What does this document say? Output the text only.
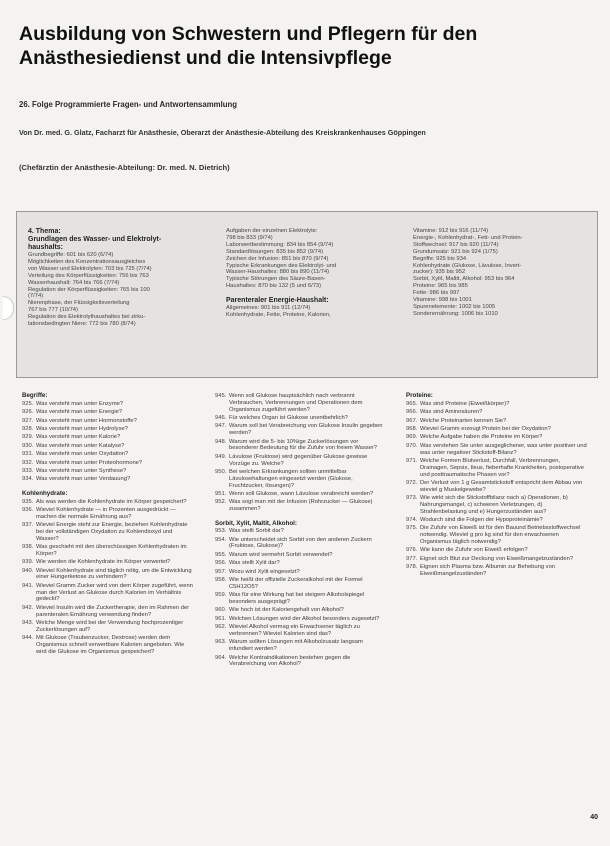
Ausbildung von Schwestern und Pflegern für den
Anästhesiedienst und die Intensivpflege
26. Folge Programmierte Fragen- und Antwortensammlung
Von Dr. med. G. Glatz, Facharzt für Anästhesie, Oberarzt der Anästhesie-Abteilung des Kreiskrankenhauses Göppingen
(Chefärztin der Anästhesie-Abteilung: Dr. med. N. Dietrich)
4. Thema:
Grundlagen des Wasser- und Elektrolyt-
haushalts:
Grundbegriffe: 601 bis 620 (6/74)
Möglichkeiten des Konzentrationsausgleiches
von Wasser und Elektrolyten: 703 bis 725 (7/74)
Verteilung des Körperflüssigkeiten: 756 bis 763
Wasserhaushalt: 764 bis 766 (7/74)
Regulation der Körperflüssigkeiten: 765 bis 100
(7/74)
Nierenphase, der Flüssigkeitsverteilung
767 bis 777 (10/74)
Regulation des Elektrolythaushaltes bei zirku-
lationsbedingten Niere: 772 bis 780 (8/74)
Aufgaben der einzelnen Elektrolyte:
798 bis 833 (9/74)
Laborwertbestimmung: 834 bis 854 (9/74)
Standardlösungen: 835 bis 852 (9/74)
Zeichen der Infusion: 851 bis 870 (9/74)
Typische Erkrankungen des Elektrolyt- und
Wasser-Haushaltes: 880 bis 890 (11/74)
Typische Störungen des Säure-Basen-
Haushaltes: 870 bis 132 (5 und 6/73)
Parenteraler Energie-Haushalt:
Allgemeines: 901 bis 911 (12/74)
Kohlenhydrate, Fette, Proteine, Kalorien,
Vitamine: 912 bis 916 (11/74)
Energie-, Kohlenhydrat-, Fett- und Protein-
Stoffwechsel: 917 bis 920 (11/74)
Grundumsatz: 921 bis 924 (1/75)
Begriffe: 925 bis 934
Kohlenhydrate (Glukose, Lävulose, Invert-
zucker): 935 bis 952
Sorbit, Xylit, Maltit, Alkohol: 953 bis 964
Proteine: 965 bis 985
Fette: 986 bis 997
Vitamine: 998 bis 1001
Spurenelemente: 1002 bis 1005
Sonderernährung: 1006 bis 1010
Begriffe:
925. Was versteht man unter Enzyme?
926. Was versteht man unter Energie?
927. Was versteht man unter Hormonstoffe?
928. Was versteht man unter Hydrolyse?
929. Was versteht man unter Kalorie?
930. Was versteht man unter Katalyse?
931. Was versteht man unter Oxydation?
932. Was versteht man unter Proteohormone?
933. Was versteht man unter Synthese?
934. Was versteht man unter Verdauung?
Kohlenhydrate:
935. Als was werden die Kohlenhydrate im Körper gespeichert?
936. Wieviel Kohlenhydrate — in Prozenten ausgedrückt — machen die normale Ernährung aus?
937. Wieviel Energie steht zur Energie, beziehen Kohlenhydrate bei der vollständigen Oxydation zu Kohlendioxyd und Wasser?
938. Was geschieht mit den überschüssigen Kohlenhydraten im Körper?
939. Wie werden die Kohlenhydrate im Körper verwertet?
940. Wieviel Kohlenhydrate sind täglich nötig, um die Entwicklung einer Hungerketose zu verhindern?
941. Wieviel Gramm Zucker wird von dem Körper zugeführt, wenn man der Verlust an Glukose durch Kalorien im Verhältnis gedeckt?
942. Wieviel Insulin wird die Zuckertherapie, den im Rahmen der parenteralen Ernährung verwendung finden?
943. Welche Menge wird bei der Verwendung hochprozentiger Zuckerlösungen auf?
944. Mit Glukose (Traubenzucker, Dextrose) werden dem Organismus schnell verwertbare Kalorien angeboten. Wie wird die Glukose im Organismus gespeichert?
945. Wenn soll Glukose hauptsächlich nach verbrannt Verbrauchen, Verbrennungen und Operationen dem Organismus zugeführt werden?
946. Für welches Organ ist Glukose unentbehrlich?
947. Warum soll bei Verabreichung von Glukose Insulin gegeben werden?
948. Warum wird die 5- bis 10%ige Zuckerlösungen vor besonderer Bedeutung für die Zufuhr von freiem Wasser?
949. Lävulose (Fruktose) wird gegenüber Glukose gewisse Vorzüge zu. Welche?
950. Bei welchen Erkrankungen sollten unmittelbar Lävulosehaltungen eingesetzt werden (Glukose, Fruchtzucker, lösungen)?
951. Wenn soll Glukose, wann Lävulose verabreicht werden?
952. Was sogt man mit der Infusion (Rohrzucker — Glukose) zusammen?
Sorbit, Xylit, Maltit, Alkohol:
953. Was stellt Sorbit dar?
954. Wie unterscheidet sich Sorbit von den anderen Zuckern (Fruktose, Glukose)?
955. Warum wird vermehrt Sorbit verwendet?
956. Was stellt Xylit dar?
957. Wozu wird Xylit eingesetzt?
958. Wie heißt der offizielle Zuckeralkohol mit der Formel C5H12O5?
959. Was für eine Wirkung hat bei steigern Alkoholspiegel besonders ausgeprägt?
960. Wie hoch ist der Kaloriengehalt von Alkohol?
961. Welchen Lösungen wird der Alkohol besonders zugesetzt?
962. Wieviel Alkohol vermag ein Erwachsener täglich zu verbrennen? Wieviel Kalorien sind das?
963. Warum sollten Lösungen mit Alkoholzusatz langsam infundiert werden?
964. Welche Kontraindikationen bestehen gegen die Verabreichung von Alkohol?
Proteine:
965. Was sind Proteine (Eiweißkörper)?
966. Was sind Aminosäuren?
967. Welche Proteinarten kennen Sie?
968. Wieviel Gramm erzeugt Protein bei der Oxydation?
969. Welche Aufgabe haben die Proteine im Körper?
970. Was verstehen Sie unter ausgeglichener, was unter positiver und was unter negativer Stickstoff-Bilanz?
971. Welche Formen Blutverlust, Durchfall, Verbrennungen, Drainagen, Sepsis, Ileus, fieberhafte Krankheiten, postoperative und posttraumatische Phasen vor?
972. Der Verlust von 1 g Gesamtstickstoff entspricht dem Abbau von wieviel g Muskelgewebe?
973. Wie wirkt sich die Stickstoffbilanz nach a) Operationen, b) Nahrungsmangel, c) schweren Verletzungen, d) Strahlenbelastung und e) Hungerzuständen aus?
974. Wodurch sind die Folgen der Hypoproteinämie?
975. Die Zufuhr von Eiweiß ist für den Bauund Betriebsstoffwechsel notwendig. Wieviel g pro kg sind für den erwachsenen Organismus täglich notwendig?
976. Wie kann die Zufuhr von Eiweiß erfolgen?
977. Eignet sich Blut zur Deckung von Eiweißmangelzuständen?
978. Eignen sich Plasma bzw. Albumin zur Behebung von Eiweißmangelzuständen?
40
